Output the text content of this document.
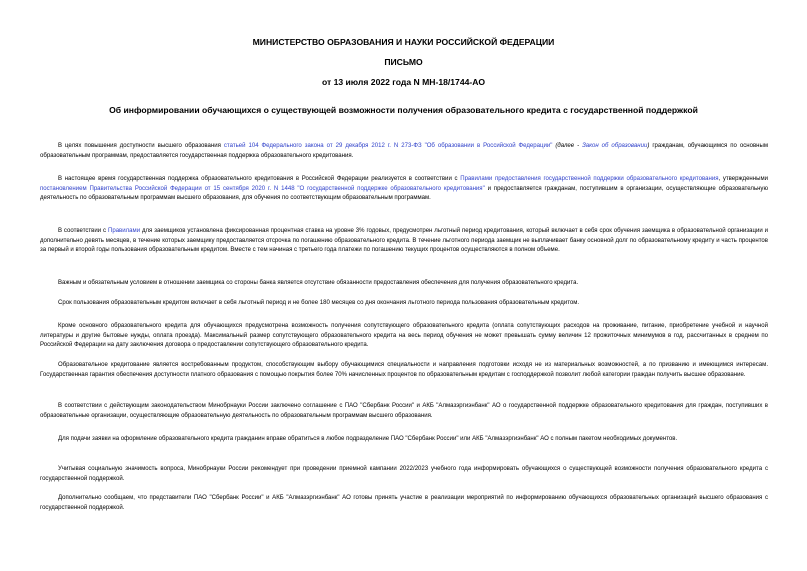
МИНИСТЕРСТВО ОБРАЗОВАНИЯ И НАУКИ РОССИЙСКОЙ ФЕДЕРАЦИИ

ПИСЬМО

от 13 июля 2022 года N МН-18/1744-АО

Об информировании обучающихся о существующей возможности получения образовательного кредита с государственной поддержкой

В целях повышения доступности высшего образования статьей 104 Федерального закона от 29 декабря 2012 г. N 273-ФЗ "Об образовании в Российской Федерации" (далее - Закон об образовании) гражданам, обучающимся по основным образовательным программам, предоставляется государственная поддержка образовательного кредитования.

В настоящее время государственная поддержка образовательного кредитования в Российской Федерации реализуется в соответствии с Правилами предоставления государственной поддержки образовательного кредитования, утвержденными постановлением Правительства Российской Федерации от 15 сентября 2020 г. N 1448 "О государственной поддержке образовательного кредитования" и предоставляется гражданам, поступившим в организации, осуществляющие образовательную деятельность по образовательным программам высшего образования, для обучения по соответствующим образовательным программам.

В соответствии с Правилами для заемщиков установлена фиксированная процентная ставка на уровне 3% годовых, предусмотрен льготный период кредитования, который включает в себя срок обучения заемщика в образовательной организации и дополнительно девять месяцев, в течение которых заемщику предоставляется отсрочка по погашению образовательного кредита. В течение льготного периода заемщик не выплачивает банку основной долг по образовательному кредиту и часть процентов за первый и второй годы пользования образовательным кредитом. Вместе с тем начиная с третьего года платежи по погашению текущих процентов осуществляются в полном объеме.

Важным и обязательным условием в отношении заемщика со стороны банка является отсутствие обязанности предоставления обеспечения для получения образовательного кредита.

Срок пользования образовательным кредитом включает в себя льготный период и не более 180 месяцев со дня окончания льготного периода пользования образовательным кредитом.

Кроме основного образовательного кредита для обучающихся предусмотрена возможность получения сопутствующего образовательного кредита (оплата сопутствующих расходов на проживание, питание, приобретение учебной и научной литературы и другие бытовые нужды, оплата проезда). Максимальный размер сопутствующего образовательного кредита на весь период обучения не может превышать сумму величин 12 прожиточных минимумов в год, рассчитанных в среднем по Российской Федерации на дату заключения договора о предоставлении сопутствующего образовательного кредита.

Образовательное кредитование является востребованным продуктом, способствующим выбору обучающимися специальности и направления подготовки исходя не из материальных возможностей, а по призванию и имеющимся интересам. Государственная гарантия обеспечения доступности платного образования с помощью покрытия более 70% начисленных процентов по образовательным кредитам с господдержкой позволит любой категории граждан получить высшее образование.

В соответствии с действующим законодательством Минобрнауки России заключено соглашение с ПАО "Сбербанк России" и АКБ "Алмазэргиэнбанк" АО о государственной поддержке образовательного кредитования для граждан, поступивших в образовательные организации, осуществляющие образовательную деятельность по образовательным программам высшего образования.

Для подачи заявки на оформление образовательного кредита гражданин вправе обратиться в любое подразделение ПАО "Сбербанк России" или АКБ "Алмазэргиэнбанк" АО с полным пакетом необходимых документов.

Учитывая социальную значимость вопроса, Минобрнауки России рекомендует при проведении приемной кампании 2022/2023 учебного года информировать обучающихся о существующей возможности получения образовательного кредита с государственной поддержкой.

Дополнительно сообщаем, что представители ПАО "Сбербанк России" и АКБ "Алмазэргиэнбанк" АО готовы принять участие в реализации мероприятий по информированию обучающихся образовательных организаций высшего образования с государственной поддержкой.
